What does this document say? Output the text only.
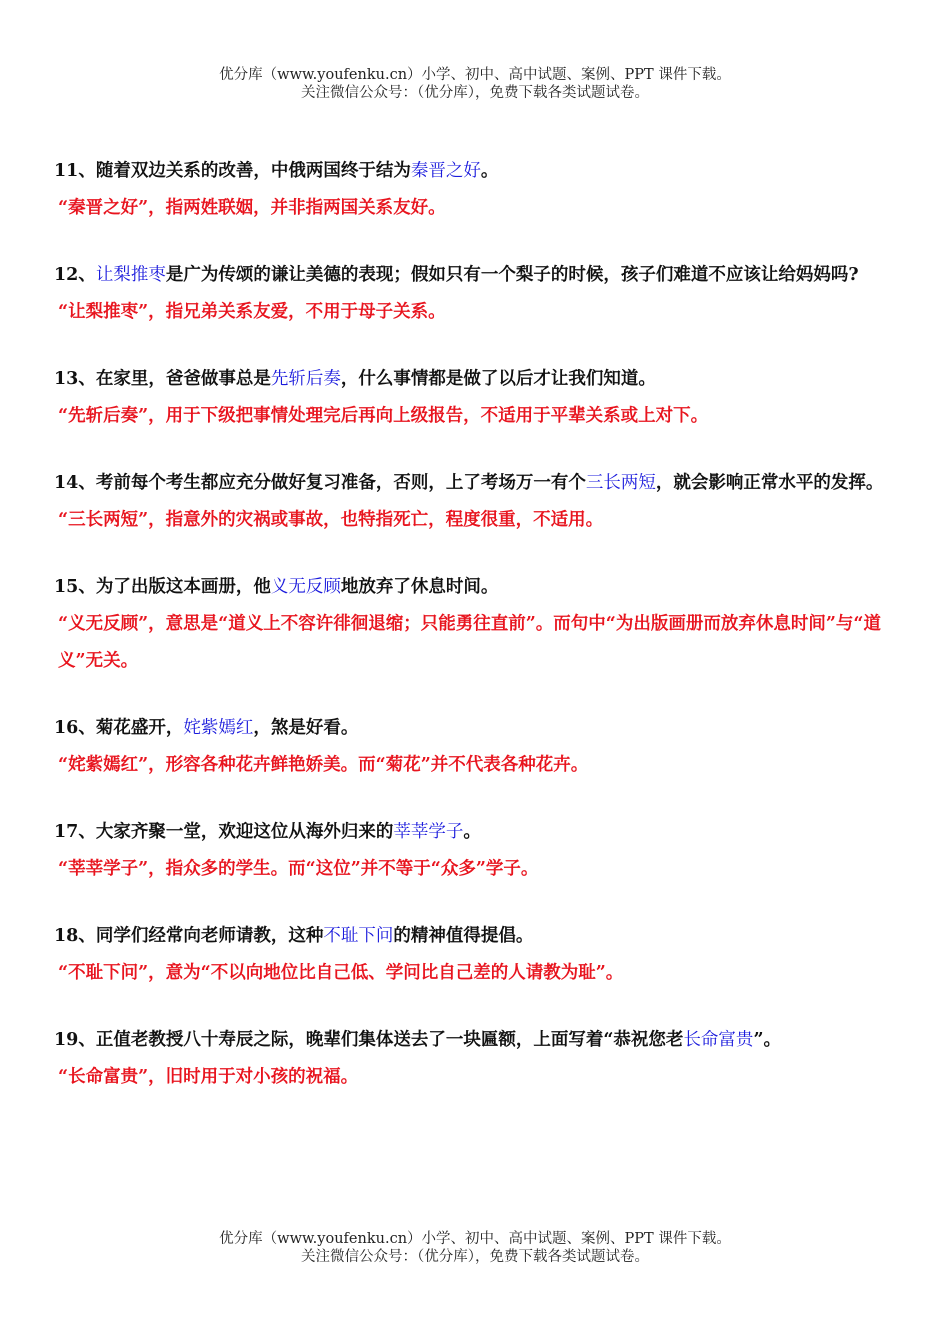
优分库（www.youfenku.cn）小学、初中、高中试题、案例、PPT 课件下载。
关注微信公众号：（优分库），免费下载各类试题试卷。
11、随着双边关系的改善，中俄两国终于结为秦晋之好。
“秦晋之好”，指两姓联姻，并非指两国关系友好。
12、让梨推枣是广为传颂的谦让美德的表现；假如只有一个梨子的时候，孩子们难道不应该让给妈妈吗?
“让梨推枣”，指兄弟关系友爱，不用于母子关系。
13、在家里，爸爸做事总是先斩后奏，什么事情都是做了以后才让我们知道。
“先斩后奏”，用于下级把事情处理完后再向上级报告，不适用于平辈关系或上对下。
14、考前每个考生都应充分做好复习准备，否则，上了考场万一有个三长两短，就会影响正常水平的发挥。
“三长两短”，指意外的灾祸或事故，也特指死亡，程度很重，不适用。
15、为了出版这本画册，他义无反顾地放弃了休息时间。
“义无反顾”，意思是“道义上不容许徘徊退缩；只能勇往直前”。而句中“为出版画册而放弃休息时间”与“道义”无关。
16、菊花盛开，姹紫嫣红，煞是好看。
“姹紫嫣红”，形容各种花卉鲜艳娇美。而“菊花”并不代表各种花卉。
17、大家齐聚一堂，欢迎这位从海外归来的莘莘学子。
“莘莘学子”，指众多的学生。而“这位”并不等于“众多”学子。
18、同学们经常向老师请教，这种不耻下问的精神值得提倡。
“不耻下问”，意为“不以向地位比自己低、学问比自己差的人请教为耻”。
19、正值老教授八十寿辰之际，晚辈们集体送去了一块匾额，上面写着“恭祝您老长命富贵”。
“长命富贵”，旧时用于对小孩的祝福。
优分库（www.youfenku.cn）小学、初中、高中试题、案例、PPT 课件下载。
关注微信公众号：（优分库），免费下载各类试题试卷。
